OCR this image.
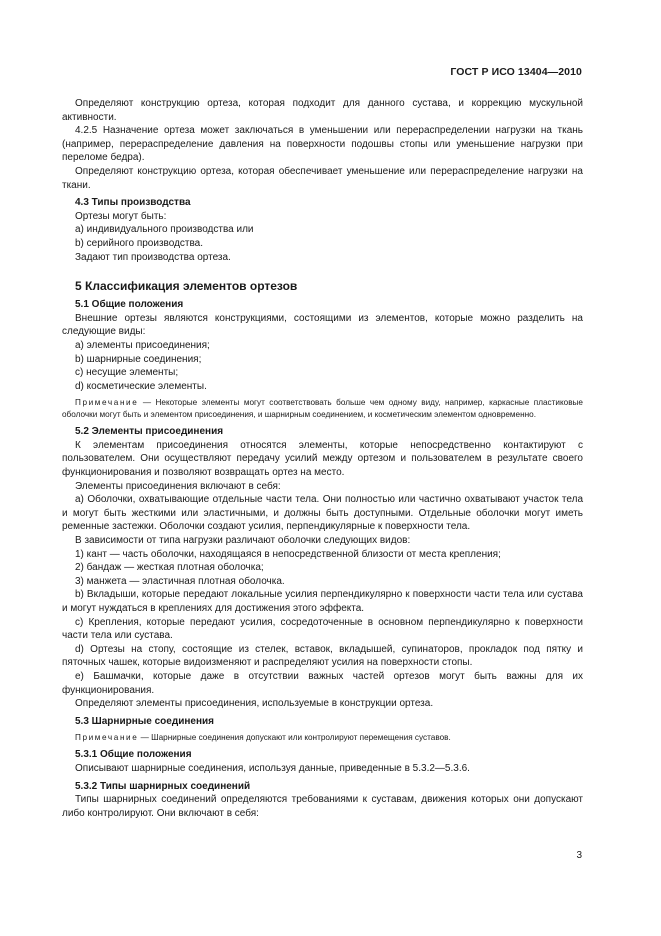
ГОСТ Р ИСО 13404—2010

Определяют конструкцию ортеза, которая подходит для данного сустава, и коррекцию мускульной активности.

4.2.5 Назначение ортеза может заключаться в уменьшении или перераспределении нагрузки на ткань (например, перераспределение давления на поверхности подошвы стопы или уменьшение нагрузки при переломе бедра).

Определяют конструкцию ортеза, которая обеспечивает уменьшение или перераспределение нагрузки на ткани.

4.3 Типы производства

Ортезы могут быть:

а) индивидуального производства или

b) серийного производства.

Задают тип производства ортеза.

5 Классификация элементов ортезов
5.1 Общие положения

Внешние ортезы являются конструкциями, состоящими из элементов, которые можно разделить на следующие виды:

а) элементы присоединения;

b) шарнирные соединения;

c) несущие элементы;

d) косметические элементы.

Примечание — Некоторые элементы могут соответствовать больше чем одному виду, например, каркасные пластиковые оболочки могут быть и элементом присоединения, и шарнирным соединением, и косметическим элементом одновременно.

5.2 Элементы присоединения

К элементам присоединения относятся элементы, которые непосредственно контактируют с пользователем. Они осуществляют передачу усилий между ортезом и пользователем в результате своего функционирования и позволяют возвращать ортез на место.

Элементы присоединения включают в себя:

а) Оболочки, охватывающие отдельные части тела. Они полностью или частично охватывают участок тела и могут быть жесткими или эластичными, и должны быть доступными. Отдельные оболочки могут иметь ременные застежки. Оболочки создают усилия, перпендикулярные к поверхности тела.

В зависимости от типа нагрузки различают оболочки следующих видов:

1) кант — часть оболочки, находящаяся в непосредственной близости от места крепления;

2) бандаж — жесткая плотная оболочка;

3) манжета — эластичная плотная оболочка.

b) Вкладыши, которые передают локальные усилия перпендикулярно к поверхности части тела или сустава и могут нуждаться в креплениях для достижения этого эффекта.

c) Крепления, которые передают усилия, сосредоточенные в основном перпендикулярно к поверхности части тела или сустава.

d) Ортезы на стопу, состоящие из стелек, вставок, вкладышей, супинаторов, прокладок под пятку и пяточных чашек, которые видоизменяют и распределяют усилия на поверхности стопы.

e) Башмачки, которые даже в отсутствии важных частей ортезов могут быть важны для их функционирования.

Определяют элементы присоединения, используемые в конструкции ортеза.

5.3 Шарнирные соединения

Примечание — Шарнирные соединения допускают или контролируют перемещения суставов.

5.3.1 Общие положения

Описывают шарнирные соединения, используя данные, приведенные в 5.3.2—5.3.6.

5.3.2 Типы шарнирных соединений

Типы шарнирных соединений определяются требованиями к суставам, движения которых они допускают либо контролируют. Они включают в себя:

3
